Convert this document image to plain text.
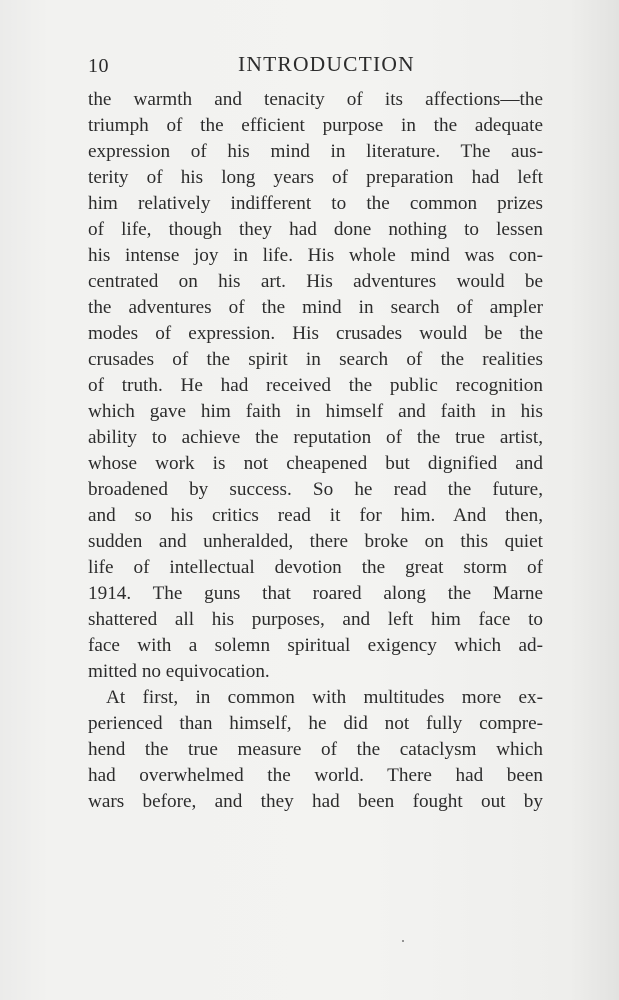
10	INTRODUCTION
the warmth and tenacity of its affections—the
triumph of the efficient purpose in the adequate
expression of his mind in literature. The aus-
terity of his long years of preparation had left
him relatively indifferent to the common prizes
of life, though they had done nothing to lessen
his intense joy in life. His whole mind was con-
centrated on his art. His adventures would be
the adventures of the mind in search of ampler
modes of expression. His crusades would be the
crusades of the spirit in search of the realities
of truth. He had received the public recognition
which gave him faith in himself and faith in his
ability to achieve the reputation of the true artist,
whose work is not cheapened but dignified and
broadened by success. So he read the future,
and so his critics read it for him. And then,
sudden and unheralded, there broke on this quiet
life of intellectual devotion the great storm of
1914. The guns that roared along the Marne
shattered all his purposes, and left him face to
face with a solemn spiritual exigency which ad-
mitted no equivocation.
At first, in common with multitudes more ex-
perienced than himself, he did not fully compre-
hend the true measure of the cataclysm which
had overwhelmed the world. There had been
wars before, and they had been fought out by
